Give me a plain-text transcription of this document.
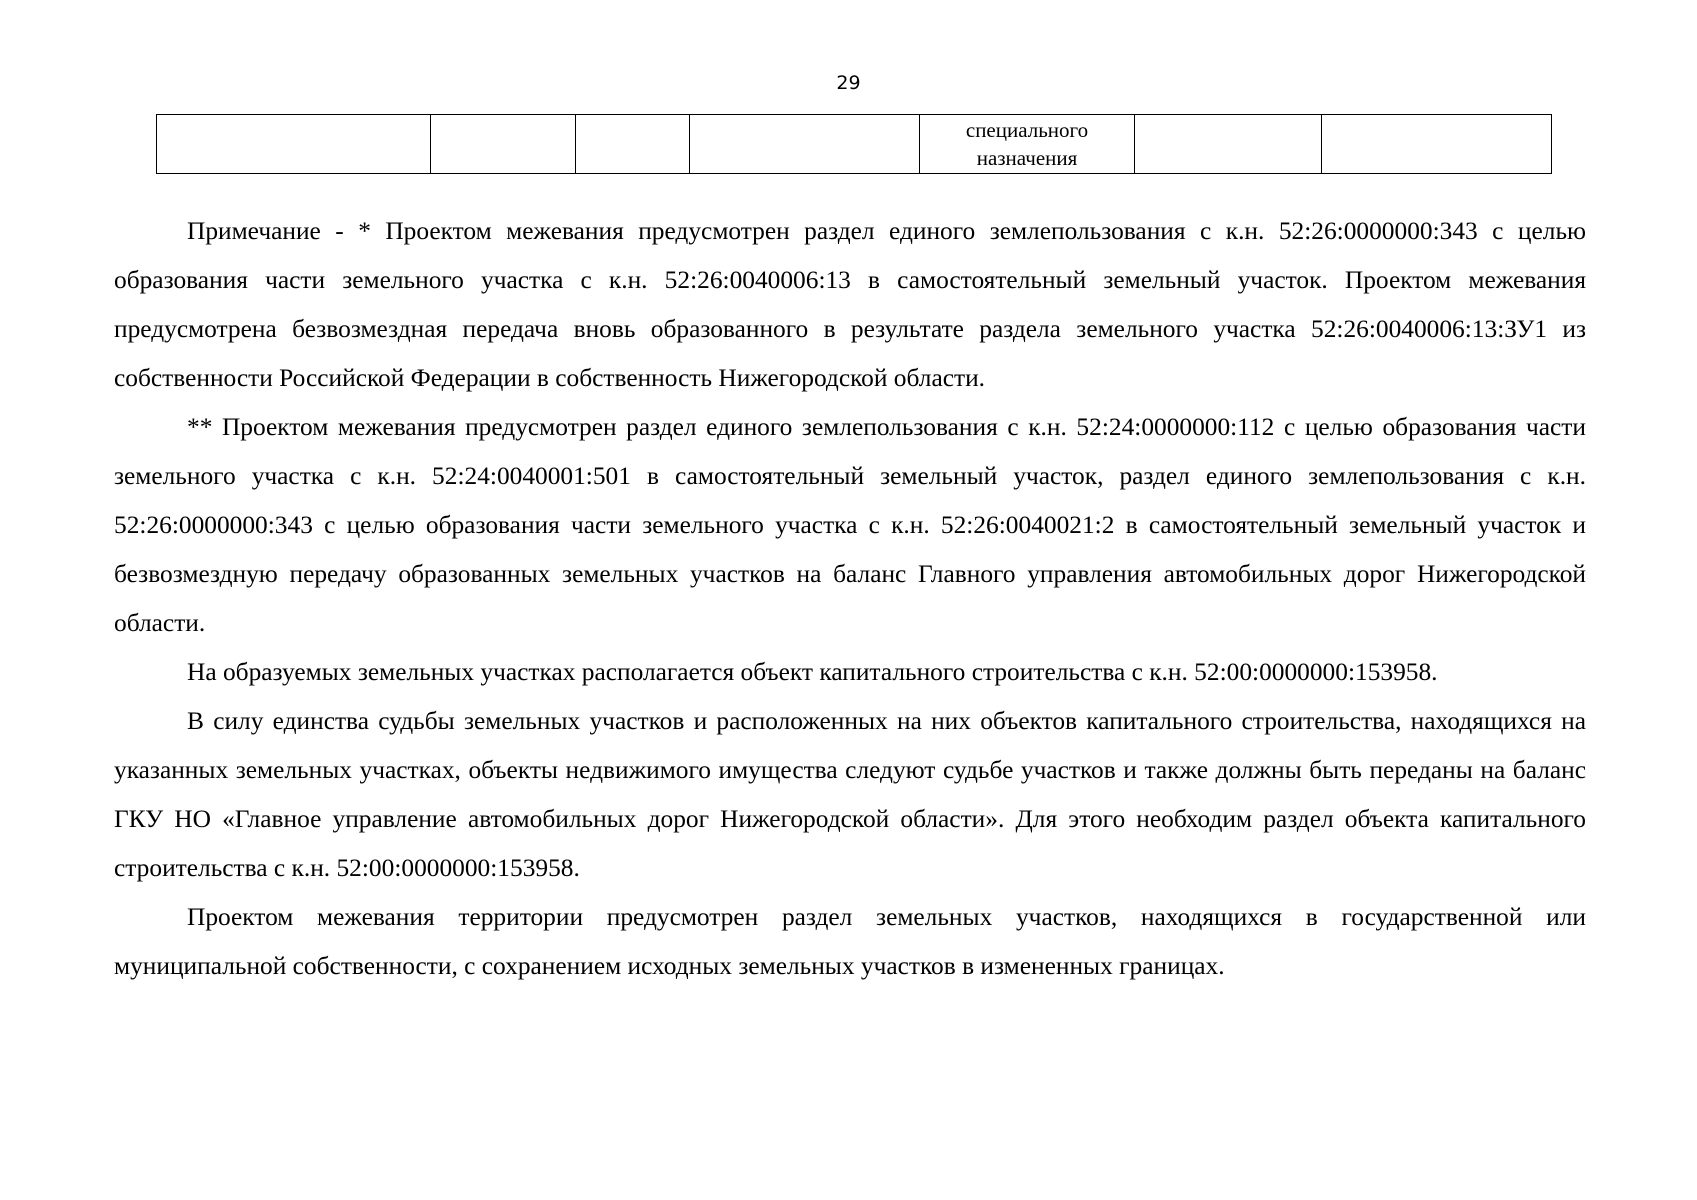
29

специального
назначения

Примечание - * Проектом межевания предусмотрен раздел единого землепользования с к.н. 52:26:0000000:343 с целью образования части земельного участка с к.н. 52:26:0040006:13 в самостоятельный земельный участок. Проектом межевания предусмотрена безвозмездная передача вновь образованного в результате раздела земельного участка 52:26:0040006:13:ЗУ1 из собственности Российской Федерации в собственность Нижегородской области.

** Проектом межевания предусмотрен раздел единого землепользования с к.н. 52:24:0000000:112 с целью образования части земельного участка с к.н. 52:24:0040001:501 в самостоятельный земельный участок, раздел единого землепользования с к.н. 52:26:0000000:343 с целью образования части земельного участка с к.н. 52:26:0040021:2 в самостоятельный земельный участок и безвозмездную передачу образованных земельных участков на баланс Главного управления автомобильных дорог Нижегородской области.

На образуемых земельных участках располагается объект капитального строительства с к.н. 52:00:0000000:153958.

В силу единства судьбы земельных участков и расположенных на них объектов капитального строительства, находящихся на указанных земельных участках, объекты недвижимого имущества следуют судьбе участков и также должны быть переданы на баланс ГКУ НО «Главное управление автомобильных дорог Нижегородской области». Для этого необходим раздел объекта капитального строительства с к.н. 52:00:0000000:153958.

Проектом межевания территории предусмотрен раздел земельных участков, находящихся в государственной или муниципальной собственности, с сохранением исходных земельных участков в измененных границах.
